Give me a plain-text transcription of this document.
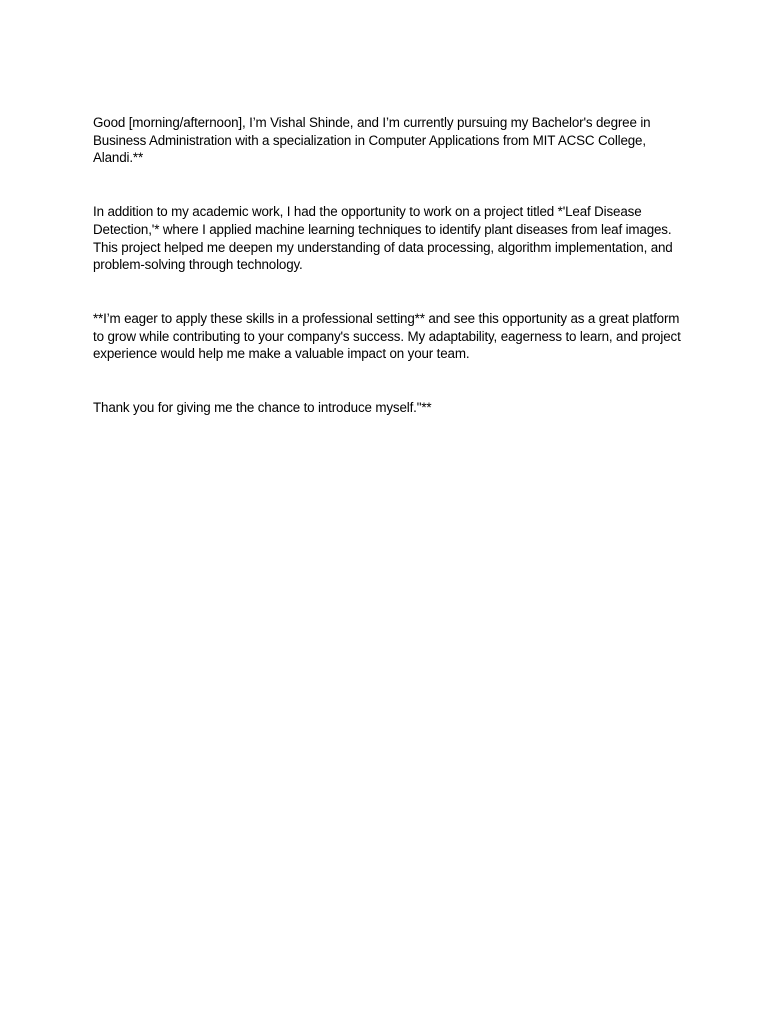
Good [morning/afternoon], I’m Vishal Shinde, and I’m currently pursuing my Bachelor's degree in Business Administration with a specialization in Computer Applications from MIT ACSC College, Alandi.**

In addition to my academic work, I had the opportunity to work on a project titled *'Leaf Disease Detection,'* where I applied machine learning techniques to identify plant diseases from leaf images. This project helped me deepen my understanding of data processing, algorithm implementation, and problem-solving through technology.

**I’m eager to apply these skills in a professional setting** and see this opportunity as a great platform to grow while contributing to your company's success. My adaptability, eagerness to learn, and project experience would help me make a valuable impact on your team.

Thank you for giving me the chance to introduce myself."**
